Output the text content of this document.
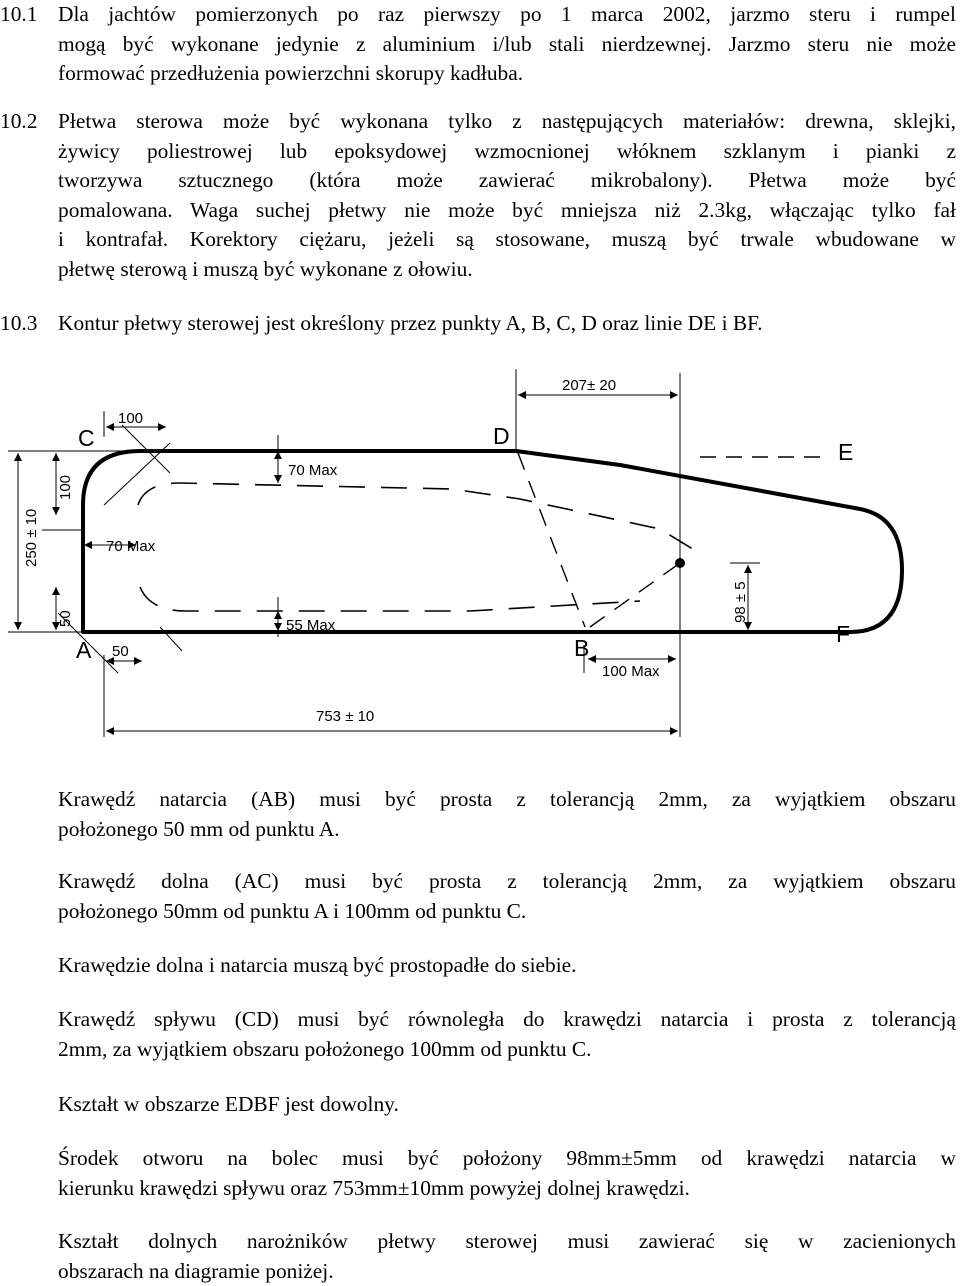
10.1 Dla jachtów pomierzonych po raz pierwszy po 1 marca 2002, jarzmo steru i rumpel
mogą być wykonane jedynie z aluminium i/lub stali nierdzewnej. Jarzmo steru nie może
formować przedłużenia powierzchni skorupy kadłuba.
10.2 Płetwa sterowa może być wykonana tylko z następujących materiałów: drewna, sklejki,
żywicy poliestrowej lub epoksydowej wzmocnionej włóknem szklanym i pianki z
tworzywa sztucznego (która może zawierać mikrobalony). Płetwa może być
pomalowana. Waga suchej płetwy nie może być mniejsza niż 2.3kg, włączając tylko fał
i kontrafał. Korektory ciężaru, jeżeli są stosowane, muszą być trwale wbudowane w
płetwę sterową i muszą być wykonane z ołowiu.
10.3 Kontur płetwy sterowej jest określony przez punkty A, B, C, D oraz linie DE i BF.
C	D
E
A	B
F
207± 20
100
70 Max
250 ± 10
100
70 Max
50
50
55 Max
98 ± 5
100 Max
753 ± 10
Krawędź natarcia (AB) musi być prosta z tolerancją 2mm, za wyjątkiem obszaru
położonego 50 mm od punktu A.
Krawędź dolna (AC) musi być prosta z tolerancją 2mm, za wyjątkiem obszaru
położonego 50mm od punktu A i 100mm od punktu C.
Krawędzie dolna i natarcia muszą być prostopadłe do siebie.
Krawędź spływu (CD) musi być równoległa do krawędzi natarcia i prosta z tolerancją
2mm, za wyjątkiem obszaru położonego 100mm od punktu C.
Kształt w obszarze EDBF jest dowolny.
Środek otworu na bolec musi być położony 98mm±5mm od krawędzi natarcia w
kierunku krawędzi spływu oraz 753mm±10mm powyżej dolnej krawędzi.
Kształt dolnych narożników płetwy sterowej musi zawierać się w zacienionych
obszarach na diagramie poniżej.
